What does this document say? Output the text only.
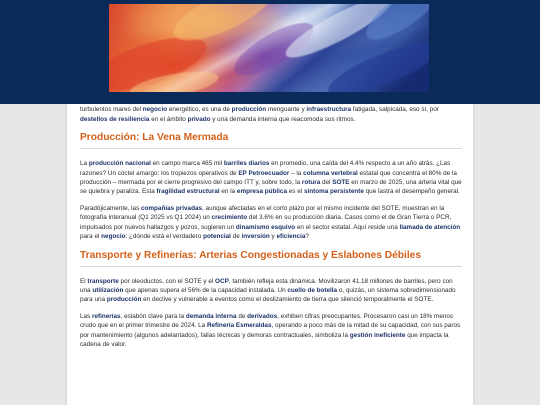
turbulentos mares del negocio energético, es una de producción menguante y infraestructura fatigada, salpicada, eso sí, por destellos de resiliencia en el ámbito privado y una demanda interna que reacomoda sus ritmos.

Producción: La Vena Mermada

La producción nacional en campo marca 465 mil barriles diarios en promedio, una caída del 4.4% respecto a un año atrás. ¿Las razones? Un cóctel amargo: los tropiezos operativos de EP Petroecuador – la columna vertebral estatal que concentra el 80% de la producción – mermada por el cierre progresivo del campo ITT y, sobre todo, la rotura del SOTE en marzo de 2025, una arteria vital que se quiebra y paraliza. Esta fragilidad estructural en la empresa pública es el síntoma persistente que lastra el desempeño general.

Paradójicamente, las compañías privadas, aunque afectadas en el corto plazo por el mismo incidente del SOTE, muestran en la fotografía interanual (Q1 2025 vs Q1 2024) un crecimiento del 3.6% en su producción diaria. Casos como el de Gran Tierra o PCR, impulsados por nuevos hallazgos y pozos, sugieren un dinamismo esquivo en el sector estatal. Aquí reside una llamada de atención para el negocio: ¿dónde está el verdadero potencial de inversión y eficiencia?

Transporte y Refinerías: Arterias Congestionadas y Eslabones Débiles

El transporte por oleoductos, con el SOTE y el OCP, también refleja esta dinámica. Movilizaron 41.18 millones de barriles, pero con una utilización que apenas supera el 56% de la capacidad instalada. Un cuello de botella o, quizás, un sistema sobredimensionado para una producción en declive y vulnerable a eventos como el deslizamiento de tierra que silenció temporalmente el SOTE.

Las refinerías, eslabón clave para la demanda interna de derivados, exhiben cifras preocupantes. Procesaron casi un 18% menos crudo que en el primer trimestre de 2024. La Refinería Esmeraldas, operando a poco más de la mitad de su capacidad, con sus paros por mantenimiento (algunos adelantados), fallas técnicas y demoras contractuales, simboliza la gestión ineficiente que impacta la cadena de valor.
